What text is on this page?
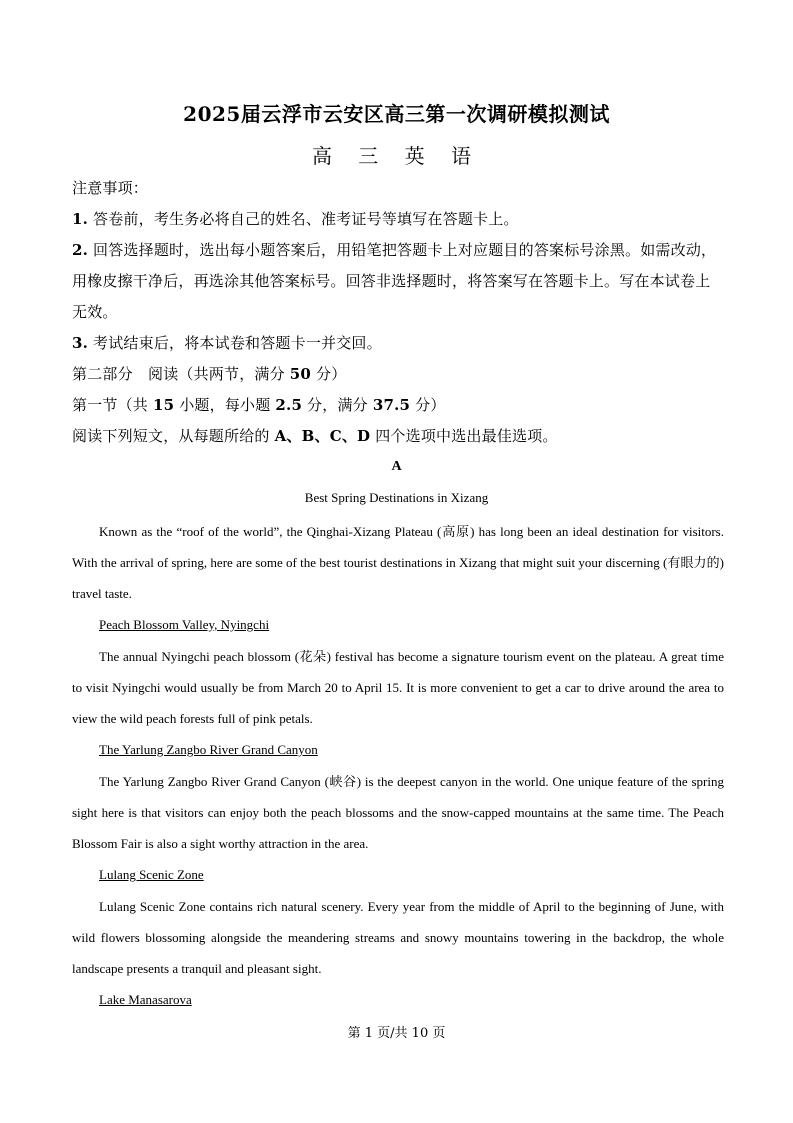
2025届云浮市云安区高三第一次调研模拟测试
高 三 英 语
注意事项：
1. 答卷前，考生务必将自己的姓名、准考证号等填写在答题卡上。
2. 回答选择题时，选出每小题答案后，用铅笔把答题卡上对应题目的答案标号涂黑。如需改动，用橡皮擦干净后，再选涂其他答案标号。回答非选择题时，将答案写在答题卡上。写在本试卷上无效。
3. 考试结束后，将本试卷和答题卡一并交回。
第二部分　阅读（共两节，满分 50 分）
第一节（共 15 小题，每小题 2.5 分，满分 37.5 分）
阅读下列短文，从每题所给的 A、B、C、D 四个选项中选出最佳选项。
A
Best Spring Destinations in Xizang
Known as the “roof of the world”, the Qinghai-Xizang Plateau (高原) has long been an ideal destination for visitors. With the arrival of spring, here are some of the best tourist destinations in Xizang that might suit your discerning (有眼力的) travel taste.
Peach Blossom Valley, Nyingchi
The annual Nyingchi peach blossom (花朵) festival has become a signature tourism event on the plateau. A great time to visit Nyingchi would usually be from March 20 to April 15. It is more convenient to get a car to drive around the area to view the wild peach forests full of pink petals.
The Yarlung Zangbo River Grand Canyon
The Yarlung Zangbo River Grand Canyon (峡谷) is the deepest canyon in the world. One unique feature of the spring sight here is that visitors can enjoy both the peach blossoms and the snow-capped mountains at the same time. The Peach Blossom Fair is also a sight worthy attraction in the area.
Lulang Scenic Zone
Lulang Scenic Zone contains rich natural scenery. Every year from the middle of April to the beginning of June, with wild flowers blossoming alongside the meandering streams and snowy mountains towering in the backdrop, the whole landscape presents a tranquil and pleasant sight.
Lake Manasarova
第 1 页/共 10 页
